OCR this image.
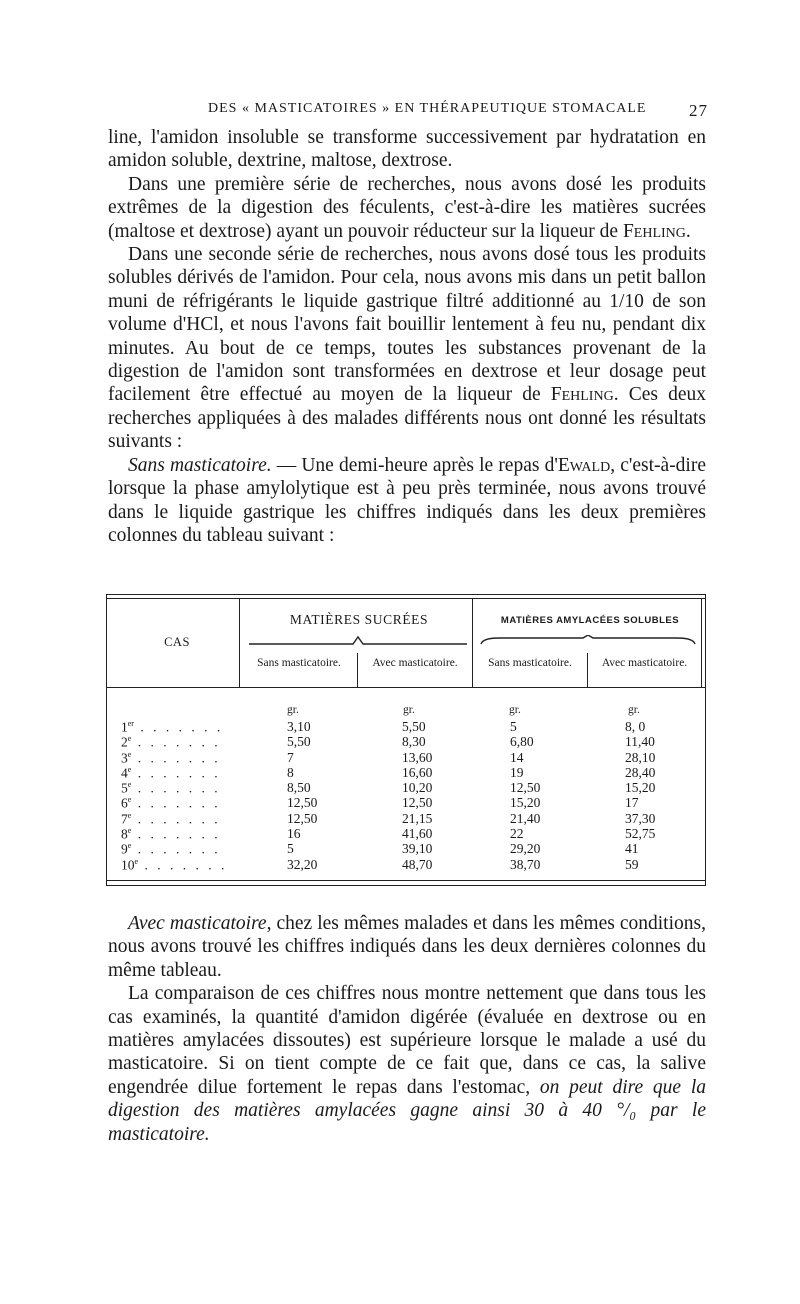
DES « MASTICATOIRES » EN THÉRAPEUTIQUE STOMACALE	27

line, l'amidon insoluble se transforme successivement par hydratation en amidon soluble, dextrine, maltose, dextrose.

Dans une première série de recherches, nous avons dosé les produits extrêmes de la digestion des féculents, c'est-à-dire les matières sucrées (maltose et dextrose) ayant un pouvoir réducteur sur la liqueur de Fehling.

Dans une seconde série de recherches, nous avons dosé tous les produits solubles dérivés de l'amidon. Pour cela, nous avons mis dans un petit ballon muni de réfrigérants le liquide gastrique filtré additionné au 1/10 de son volume d'HCl, et nous l'avons fait bouillir lentement à feu nu, pendant dix minutes. Au bout de ce temps, toutes les substances provenant de la digestion de l'amidon sont transformées en dextrose et leur dosage peut facilement être effectué au moyen de la liqueur de Fehling. Ces deux recherches appliquées à des malades différents nous ont donné les résultats suivants :

Sans masticatoire. — Une demi-heure après le repas d'Ewald, c'est-à-dire lorsque la phase amylolytique est à peu près terminée, nous avons trouvé dans le liquide gastrique les chiffres indiqués dans les deux premières colonnes du tableau suivant :

MATIÈRES SUCRÉES	MATIÈRES AMYLACÉES SOLUBLES
CAS
Sans masticatoire.	Avec masticatoire.	Sans masticatoire.	Avec masticatoire.
gr.	gr.	gr.	gr.
1er . . . . . . .	3,10	5,50	5	8, 0
2e . . . . . . .	5,50	8,30	6,80	11,40
3e . . . . . . .	7	13,60	14	28,10
4e . . . . . . .	8	16,60	19	28,40
5e . . . . . . .	8,50	10,20	12,50	15,20
6e . . . . . . .	12,50	12,50	15,20	17
7e . . . . . . .	12,50	21,15	21,40	37,30
8e . . . . . . .	16	41,60	22	52,75
9e . . . . . . .	5	39,10	29,20	41
10e . . . . . . .	32,20	48,70	38,70	59

Avec masticatoire, chez les mêmes malades et dans les mêmes conditions, nous avons trouvé les chiffres indiqués dans les deux dernières colonnes du même tableau.

La comparaison de ces chiffres nous montre nettement que dans tous les cas examinés, la quantité d'amidon digérée (évaluée en dextrose ou en matières amylacées dissoutes) est supérieure lorsque le malade a usé du masticatoire. Si on tient compte de ce fait que, dans ce cas, la salive engendrée dilue fortement le repas dans l'estomac, on peut dire que la digestion des matières amylacées gagne ainsi 30 à 40 °/₀ par le masticatoire.
